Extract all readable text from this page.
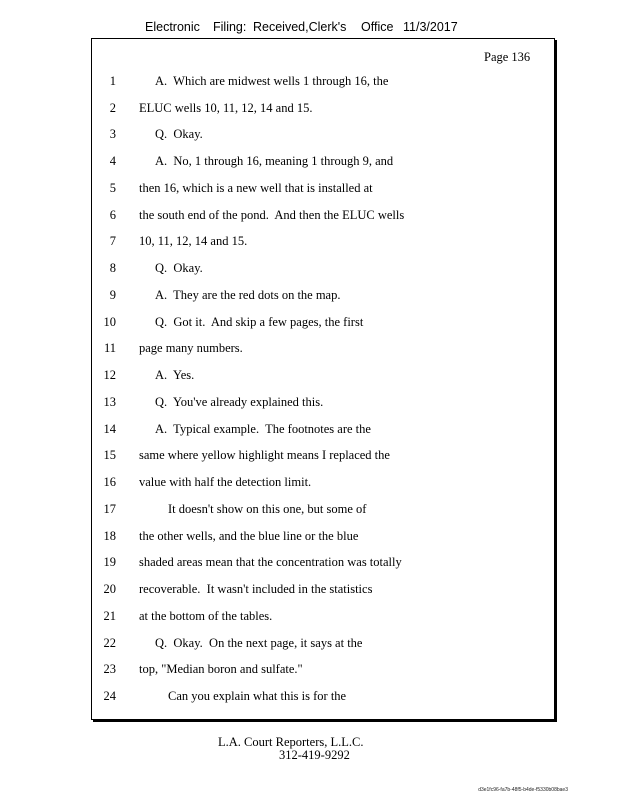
Electronic Filing: Received,Clerk's Office 11/3/2017
Page 136
1	A.  Which are midwest wells 1 through 16, the
2 ELUC wells 10, 11, 12, 14 and 15.
3	Q.  Okay.
4	A.  No, 1 through 16, meaning 1 through 9, and
5 then 16, which is a new well that is installed at
6 the south end of the pond.  And then the ELUC wells
7 10, 11, 12, 14 and 15.
8	Q.  Okay.
9	A.  They are the red dots on the map.
10	Q.  Got it.  And skip a few pages, the first
11 page many numbers.
12	A.  Yes.
13	Q.  You've already explained this.
14	A.  Typical example.  The footnotes are the
15 same where yellow highlight means I replaced the
16 value with half the detection limit.
17	It doesn't show on this one, but some of
18 the other wells, and the blue line or the blue
19 shaded areas mean that the concentration was totally
20 recoverable.  It wasn't included in the statistics
21 at the bottom of the tables.
22	Q.  Okay.  On the next page, it says at the
23 top, "Median boron and sulfate."
24	Can you explain what this is for the
L.A. Court Reporters, L.L.C.
312-419-9292
d3e1fc96-fa7b-48f5-b4de-f5330b08bae3
